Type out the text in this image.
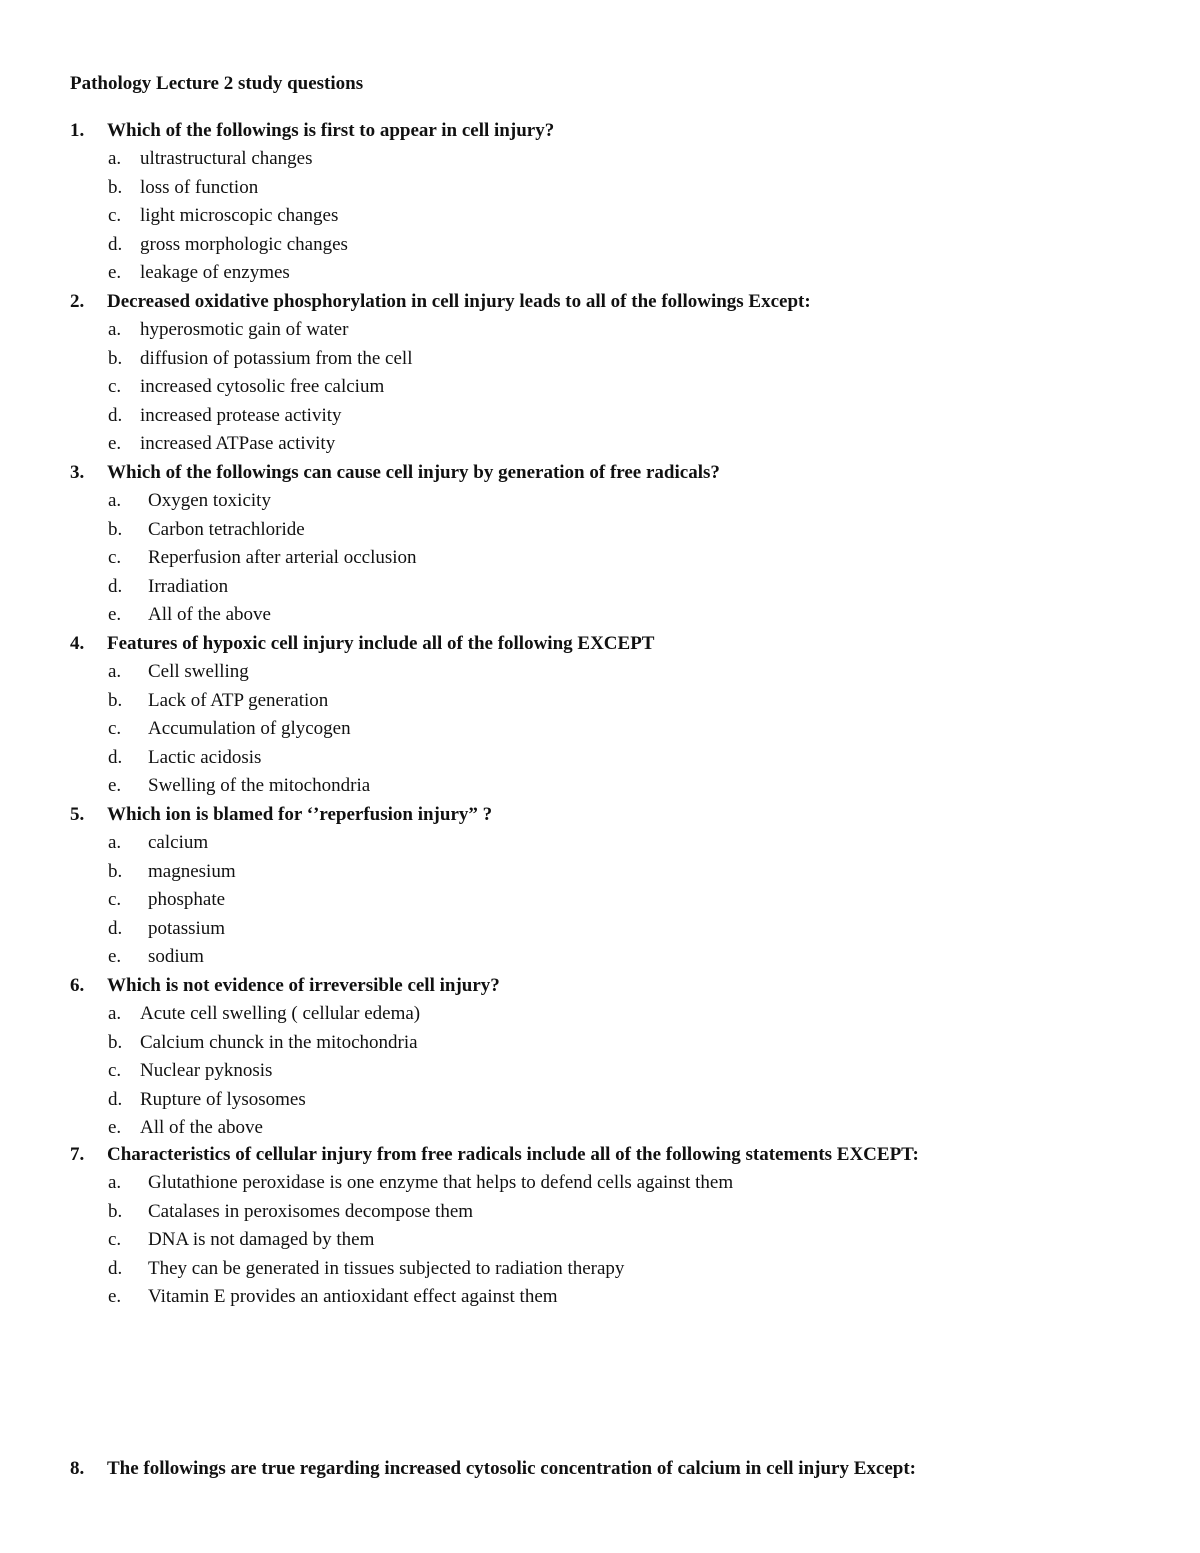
Pathology Lecture 2 study questions
1. Which of the followings is first to appear in cell injury?
a. ultrastructural changes
b. loss of function
c. light microscopic changes
d. gross morphologic changes
e. leakage of enzymes
2. Decreased oxidative phosphorylation in cell injury leads to all of the followings Except:
a. hyperosmotic gain of water
b. diffusion of potassium from the cell
c. increased cytosolic free calcium
d. increased protease activity
e. increased ATPase activity
3. Which of the followings can cause cell injury by generation of free radicals?
a. Oxygen toxicity
b. Carbon tetrachloride
c. Reperfusion after arterial occlusion
d. Irradiation
e. All of the above
4. Features of hypoxic cell injury include all of the following EXCEPT
a. Cell swelling
b. Lack of ATP generation
c. Accumulation of glycogen
d. Lactic acidosis
e. Swelling of the mitochondria
5. Which ion is blamed for ‘’reperfusion injury” ?
a. calcium
b. magnesium
c. phosphate
d. potassium
e. sodium
6. Which is not evidence of irreversible cell injury?
a. Acute cell swelling ( cellular edema)
b. Calcium chunck in the mitochondria
c. Nuclear pyknosis
d. Rupture of lysosomes
e. All of the above
7. Characteristics of cellular injury from free radicals include all of the following statements EXCEPT:
a. Glutathione peroxidase is one enzyme that helps to defend cells against them
b. Catalases in peroxisomes decompose them
c. DNA is not damaged by them
d. They can be generated in tissues subjected to radiation therapy
e. Vitamin E provides an antioxidant effect against them
8. The followings are true regarding increased cytosolic concentration of calcium in cell injury Except:
